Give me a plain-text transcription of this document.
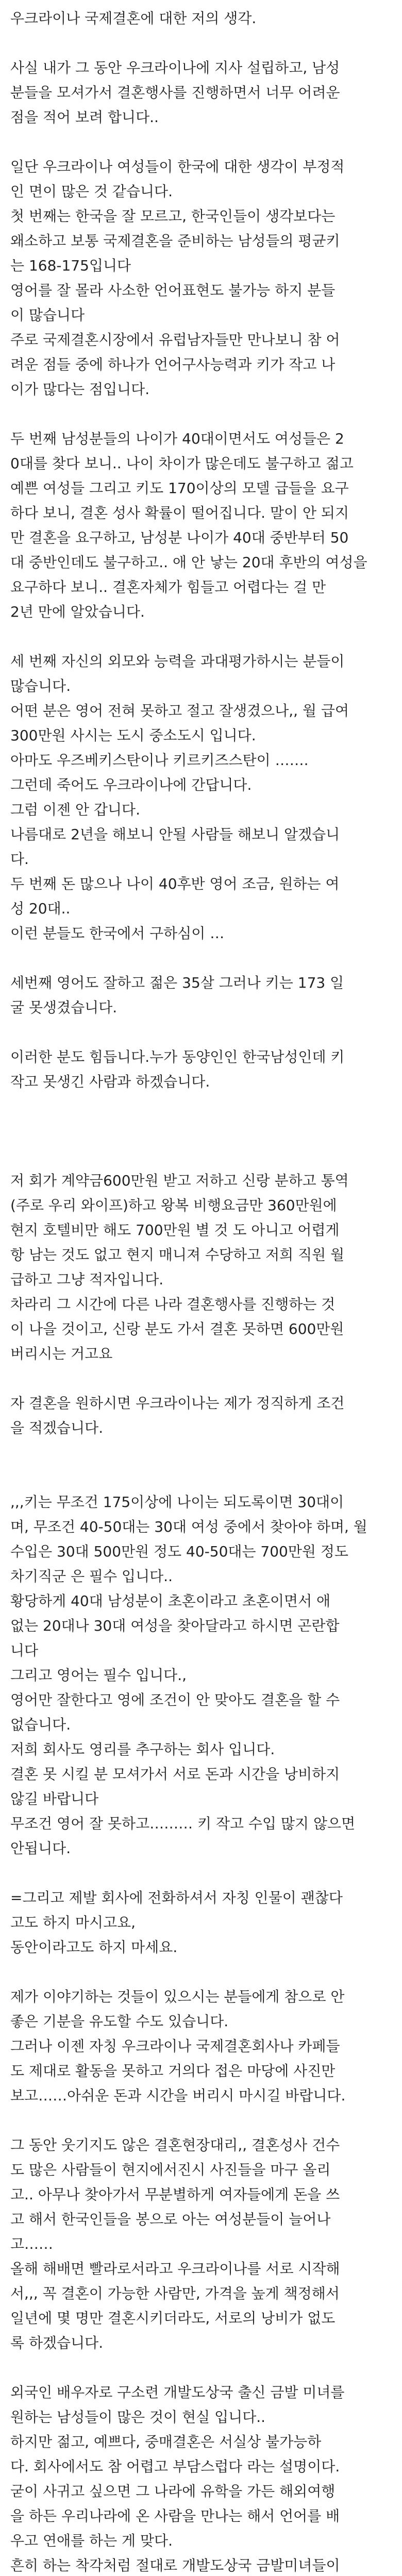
우크라이나 국제결혼에 대한 저의 생각.
사실 내가 그 동안 우크라이나에 지사 설립하고, 남성
분들을 모셔가서 결혼행사를 진행하면서 너무 어려운
점을 적어 보려 합니다..
일단 우크라이나 여성들이 한국에 대한 생각이 부정적
인 면이 많은 것 같습니다.
첫 번째는 한국을 잘 모르고, 한국인들이 생각보다는
왜소하고 보통 국제결혼을 준비하는 남성들의 평균키
는 168-175입니다
영어를 잘 몰라 사소한 언어표현도 불가능 하지 분들
이 많습니다
주로 국제결혼시장에서 유럽남자들만 만나보니 참 어
려운 점들 중에 하나가 언어구사능력과 키가 작고 나
이가 많다는 점입니다.
두 번째 남성분들의 나이가 40대이면서도 여성들은 2
0대를 찾다 보니.. 나이 차이가 많은데도 불구하고 젊고
예쁜 여성들 그리고 키도 170이상의 모델 급들을 요구
하다 보니, 결혼 성사 확률이 떨어집니다. 말이 안 되지
만 결혼을 요구하고, 남성분 나이가 40대 중반부터 50
대 중반인데도 불구하고.. 애 안 낳는 20대 후반의 여성을
요구하다 보니.. 결혼자체가 힘들고 어렵다는 걸 만
2년 만에 알았습니다.
세 번째 자신의 외모와 능력을 과대평가하시는 분들이
많습니다.
어떤 분은 영어 전혀 못하고 절고 잘생겼으나,, 월 급여
300만원 사시는 도시 중소도시 입니다.
아마도 우즈베키스탄이나 키르키즈스탄이 …….
그런데 죽어도 우크라이나에 간답니다.
그럼 이젠 안 갑니다.
나름대로 2년을 해보니 안될 사람들 해보니 알겠습니
다.
두 번째 돈 많으나 나이 40후반 영어 조금, 원하는 여
성 20대..
이런 분들도 한국에서 구하심이 …
세번째 영어도 잘하고 젊은 35살 그러나 키는 173 일
굴 못생겼습니다.
이러한 분도 힘듭니다.누가 동양인인 한국남성인데 키
작고 못생긴 사람과 하겠습니다.
저 회가 계약금600만원 받고 저하고 신랑 분하고 통역
(주로 우리 와이프)하고 왕복 비행요금만 360만원에
현지 호텔비만 해도 700만원 별 것 도 아니고 어렵게
항 남는 것도 없고 현지 매니져 수당하고 저희 직원 월
급하고 그냥 적자입니다.
차라리 그 시간에 다른 나라 결혼행사를 진행하는 것
이 나을 것이고, 신랑 분도 가서 결혼 못하면 600만원
버리시는 거고요
자 결혼을 원하시면 우크라이나는 제가 정직하게 조건
을 적겠습니다.
,,,키는 무조건 175이상에 나이는 되도록이면 30대이
며, 무조건 40-50대는 30대 여성 중에서 찾아야 하며, 월
수입은 30대 500만원 정도 40-50대는 700만원 정도
차기직군 은 필수 입니다..
황당하게 40대 남성분이 초혼이라고 초혼이면서 애
없는 20대나 30대 여성을 찾아달라고 하시면 곤란합
니다
그리고 영어는 필수 입니다.,
영어만 잘한다고 영에 조건이 안 맞아도 결혼을 할 수
없습니다.
저희 회사도 영리를 추구하는 회사 입니다.
결혼 못 시킬 분 모셔가서 서로 돈과 시간을 낭비하지
않길 바랍니다
무조건 영어 잘 못하고……… 키 작고 수입 많지 않으면
안됩니다.
=그리고 제발 회사에 전화하셔서 자칭 인물이 괜찮다
고도 하지 마시고요,
동안이라고도 하지 마세요.
제가 이야기하는 것들이 있으시는 분들에게 참으로 안
좋은 기분을 유도할 수도 있습니다.
그러나 이젠 자칭 우크라이나 국제결혼회사나 카페들
도 제대로 활동을 못하고 거의다 접은 마당에 사진만
보고……아쉬운 돈과 시간을 버리시 마시길 바랍니다.
그 동안 웃기지도 않은 결혼현장대리,, 결혼성사 건수
도 많은 사람들이 현지에서진시 사진들을 마구 올리
고.. 아무나 찾아가서 무분별하게 여자들에게 돈을 쓰
고 해서 한국인들을 봉으로 아는 여성분들이 늘어나
고……
올해 해배면 빨라로서라고 우크라이나를 서로 시작해
서,,, 꼭 결혼이 가능한 사람만, 가격을 높게 책정해서
일년에 몇 명만 결혼시키더라도, 서로의 낭비가 없도
록 하겠습니다.
외국인 배우자로 구소련 개발도상국 출신 금발 미녀를
원하는 남성들이 많은 것이 현실 입니다..
하지만 젊고, 예쁘다, 중매결혼은 서실상 불가능하
다. 회사에서도 참 어렵고 부담스럽다 라는 설명이다.
굳이 사귀고 싶으면 그 나라에 유학을 가든 해외여행
을 하든 우리나라에 온 사람을 만나는 해서 언어를 배
우고 연애를 하는 게 맞다.
흔히 하는 착각처럼 절대로 개발도상국 금발미녀들이
